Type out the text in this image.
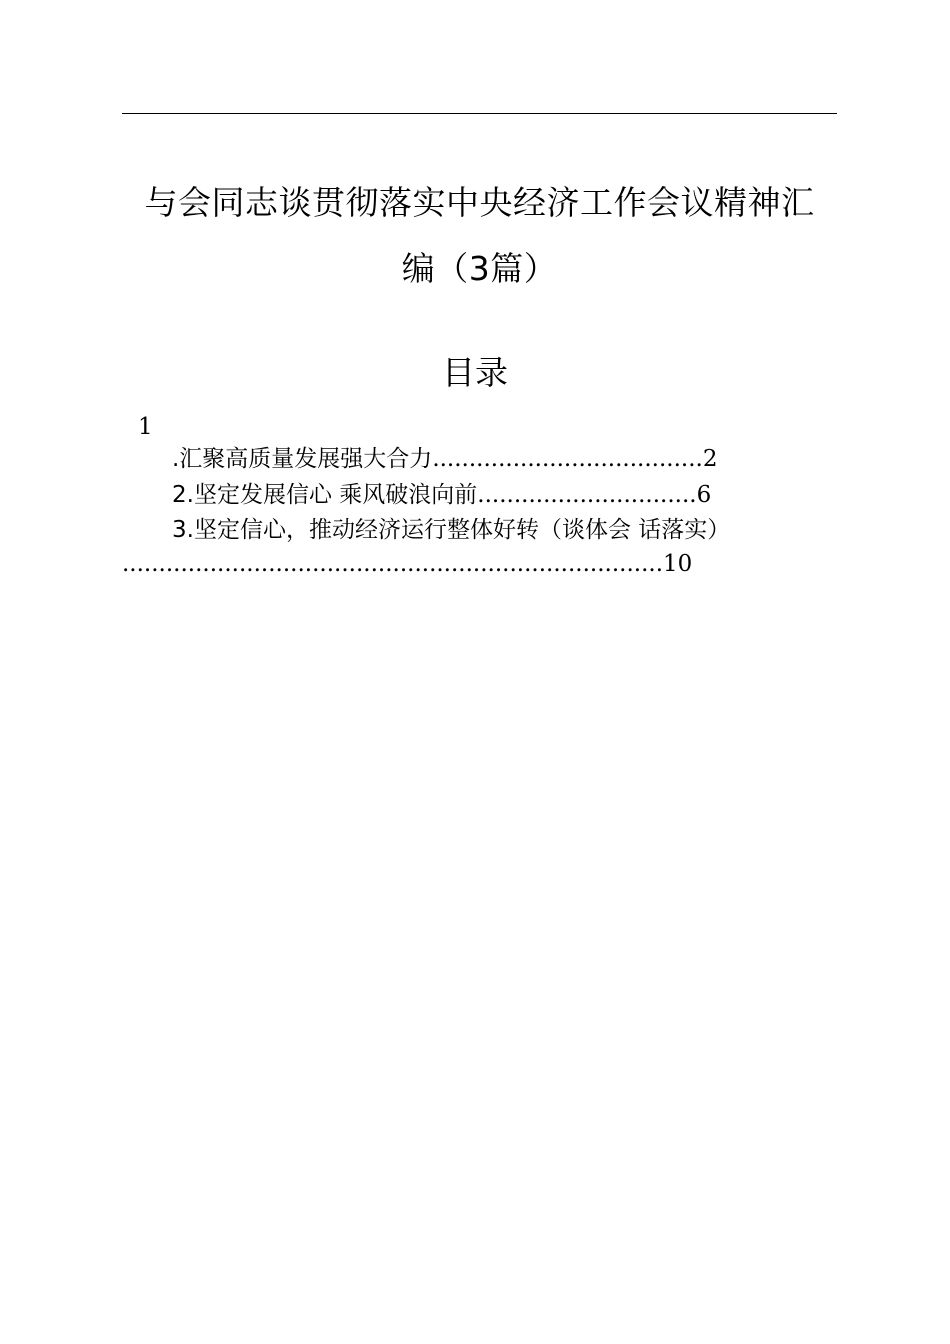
与会同志谈贯彻落实中央经济工作会议精神汇
编（3篇）
目录
1
.汇聚高质量发展强大合力.....................................2
2.坚定发展信心 乘风破浪向前..............................6
3.坚定信心，推动经济运行整体好转（谈体会 话落实）
..........................................................................10
